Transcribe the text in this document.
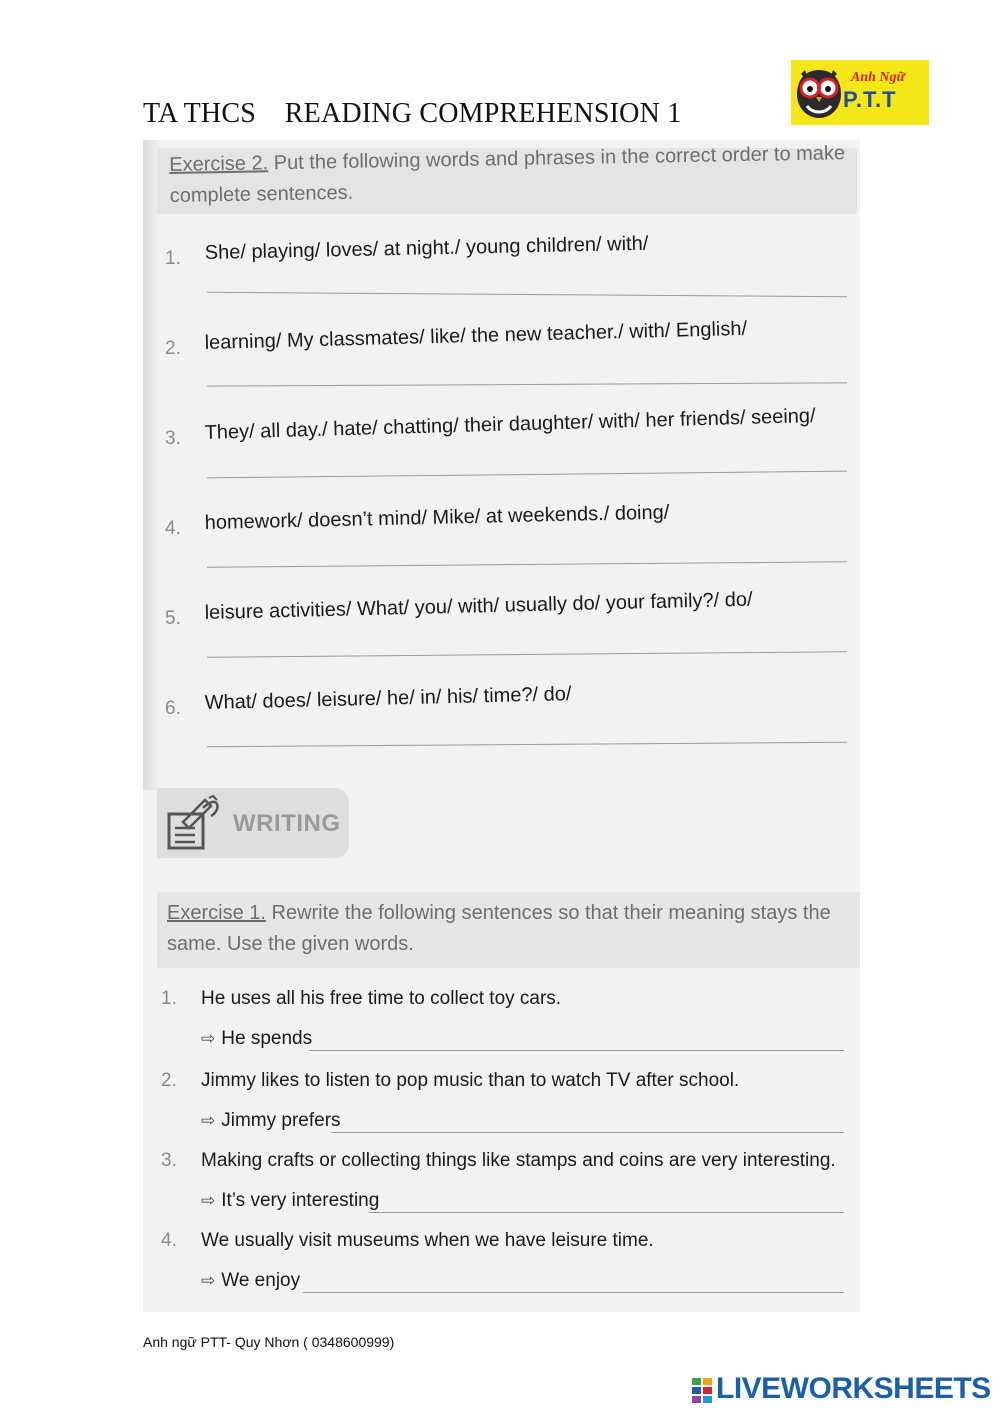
TA THCS    READING COMPREHENSION 1
Anh Ngữ
P.T.T
Exercise 2. Put the following words and phrases in the correct order to make complete sentences.
1. She/ playing/ loves/ at night./ young children/ with/
2. learning/ My classmates/ like/ the new teacher./ with/ English/
3. They/ all day./ hate/ chatting/ their daughter/ with/ her friends/ seeing/
4. homework/ doesn’t mind/ Mike/ at weekends./ doing/
5. leisure activities/ What/ you/ with/ usually do/ your family?/ do/
6. What/ does/ leisure/ he/ in/ his/ time?/ do/
WRITING
Exercise 1. Rewrite the following sentences so that their meaning stays the same. Use the given words.
1. He uses all his free time to collect toy cars.
⇨ He spends
2. Jimmy likes to listen to pop music than to watch TV after school.
⇨ Jimmy prefers
3. Making crafts or collecting things like stamps and coins are very interesting.
⇨ It’s very interesting
4. We usually visit museums when we have leisure time.
⇨ We enjoy
Anh ngữ PTT- Quy Nhơn ( 0348600999)
LIVEWORKSHEETS
